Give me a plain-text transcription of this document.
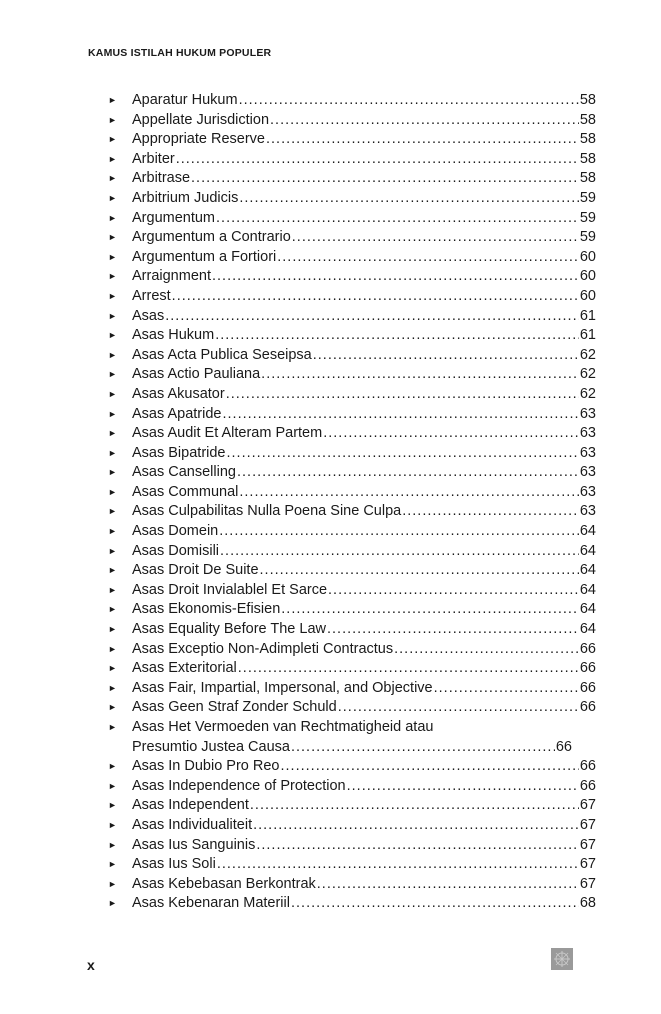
KAMUS ISTILAH HUKUM POPULER
►	Aparatur Hukum .....	58
►	Appellate Jurisdiction .....	58
►	Appropriate Reserve .....	58
►	Arbiter .....	58
►	Arbitrase .....	58
►	Arbitrium Judicis .....	59
►	Argumentum .....	59
►	Argumentum a Contrario .....	59
►	Argumentum a Fortiori .....	60
►	Arraignment .....	60
►	Arrest .....	60
►	Asas .....	61
►	Asas Hukum .....	61
►	Asas Acta Publica Seseipsa .....	62
►	Asas Actio Pauliana .....	62
►	Asas Akusator .....	62
►	Asas Apatride .....	63
►	Asas Audit Et Alteram Partem .....	63
►	Asas Bipatride .....	63
►	Asas Canselling .....	63
►	Asas Communal .....	63
►	Asas Culpabilitas Nulla Poena Sine Culpa .....	63
►	Asas Domein .....	64
►	Asas Domisili .....	64
►	Asas Droit De Suite .....	64
►	Asas Droit Invialablel Et Sarce .....	64
►	Asas Ekonomis-Efisien .....	64
►	Asas Equality Before The Law .....	64
►	Asas Exceptio Non-Adimpleti Contractus .....	66
►	Asas Exteritorial .....	66
►	Asas Fair, Impartial, Impersonal, and Objective .....	66
►	Asas Geen Straf Zonder Schuld .....	66
►	Asas Het Vermoeden van Rechtmatigheid atau
Presumtio Justea Causa .....	66
►	Asas In Dubio Pro Reo .....	66
►	Asas Independence of Protection .....	66
►	Asas Independent .....	67
►	Asas Individualiteit .....	67
►	Asas Ius Sanguinis .....	67
►	Asas Ius Soli .....	67
►	Asas Kebebasan Berkontrak .....	67
►	Asas Kebenaran Materiil .....	68
x
